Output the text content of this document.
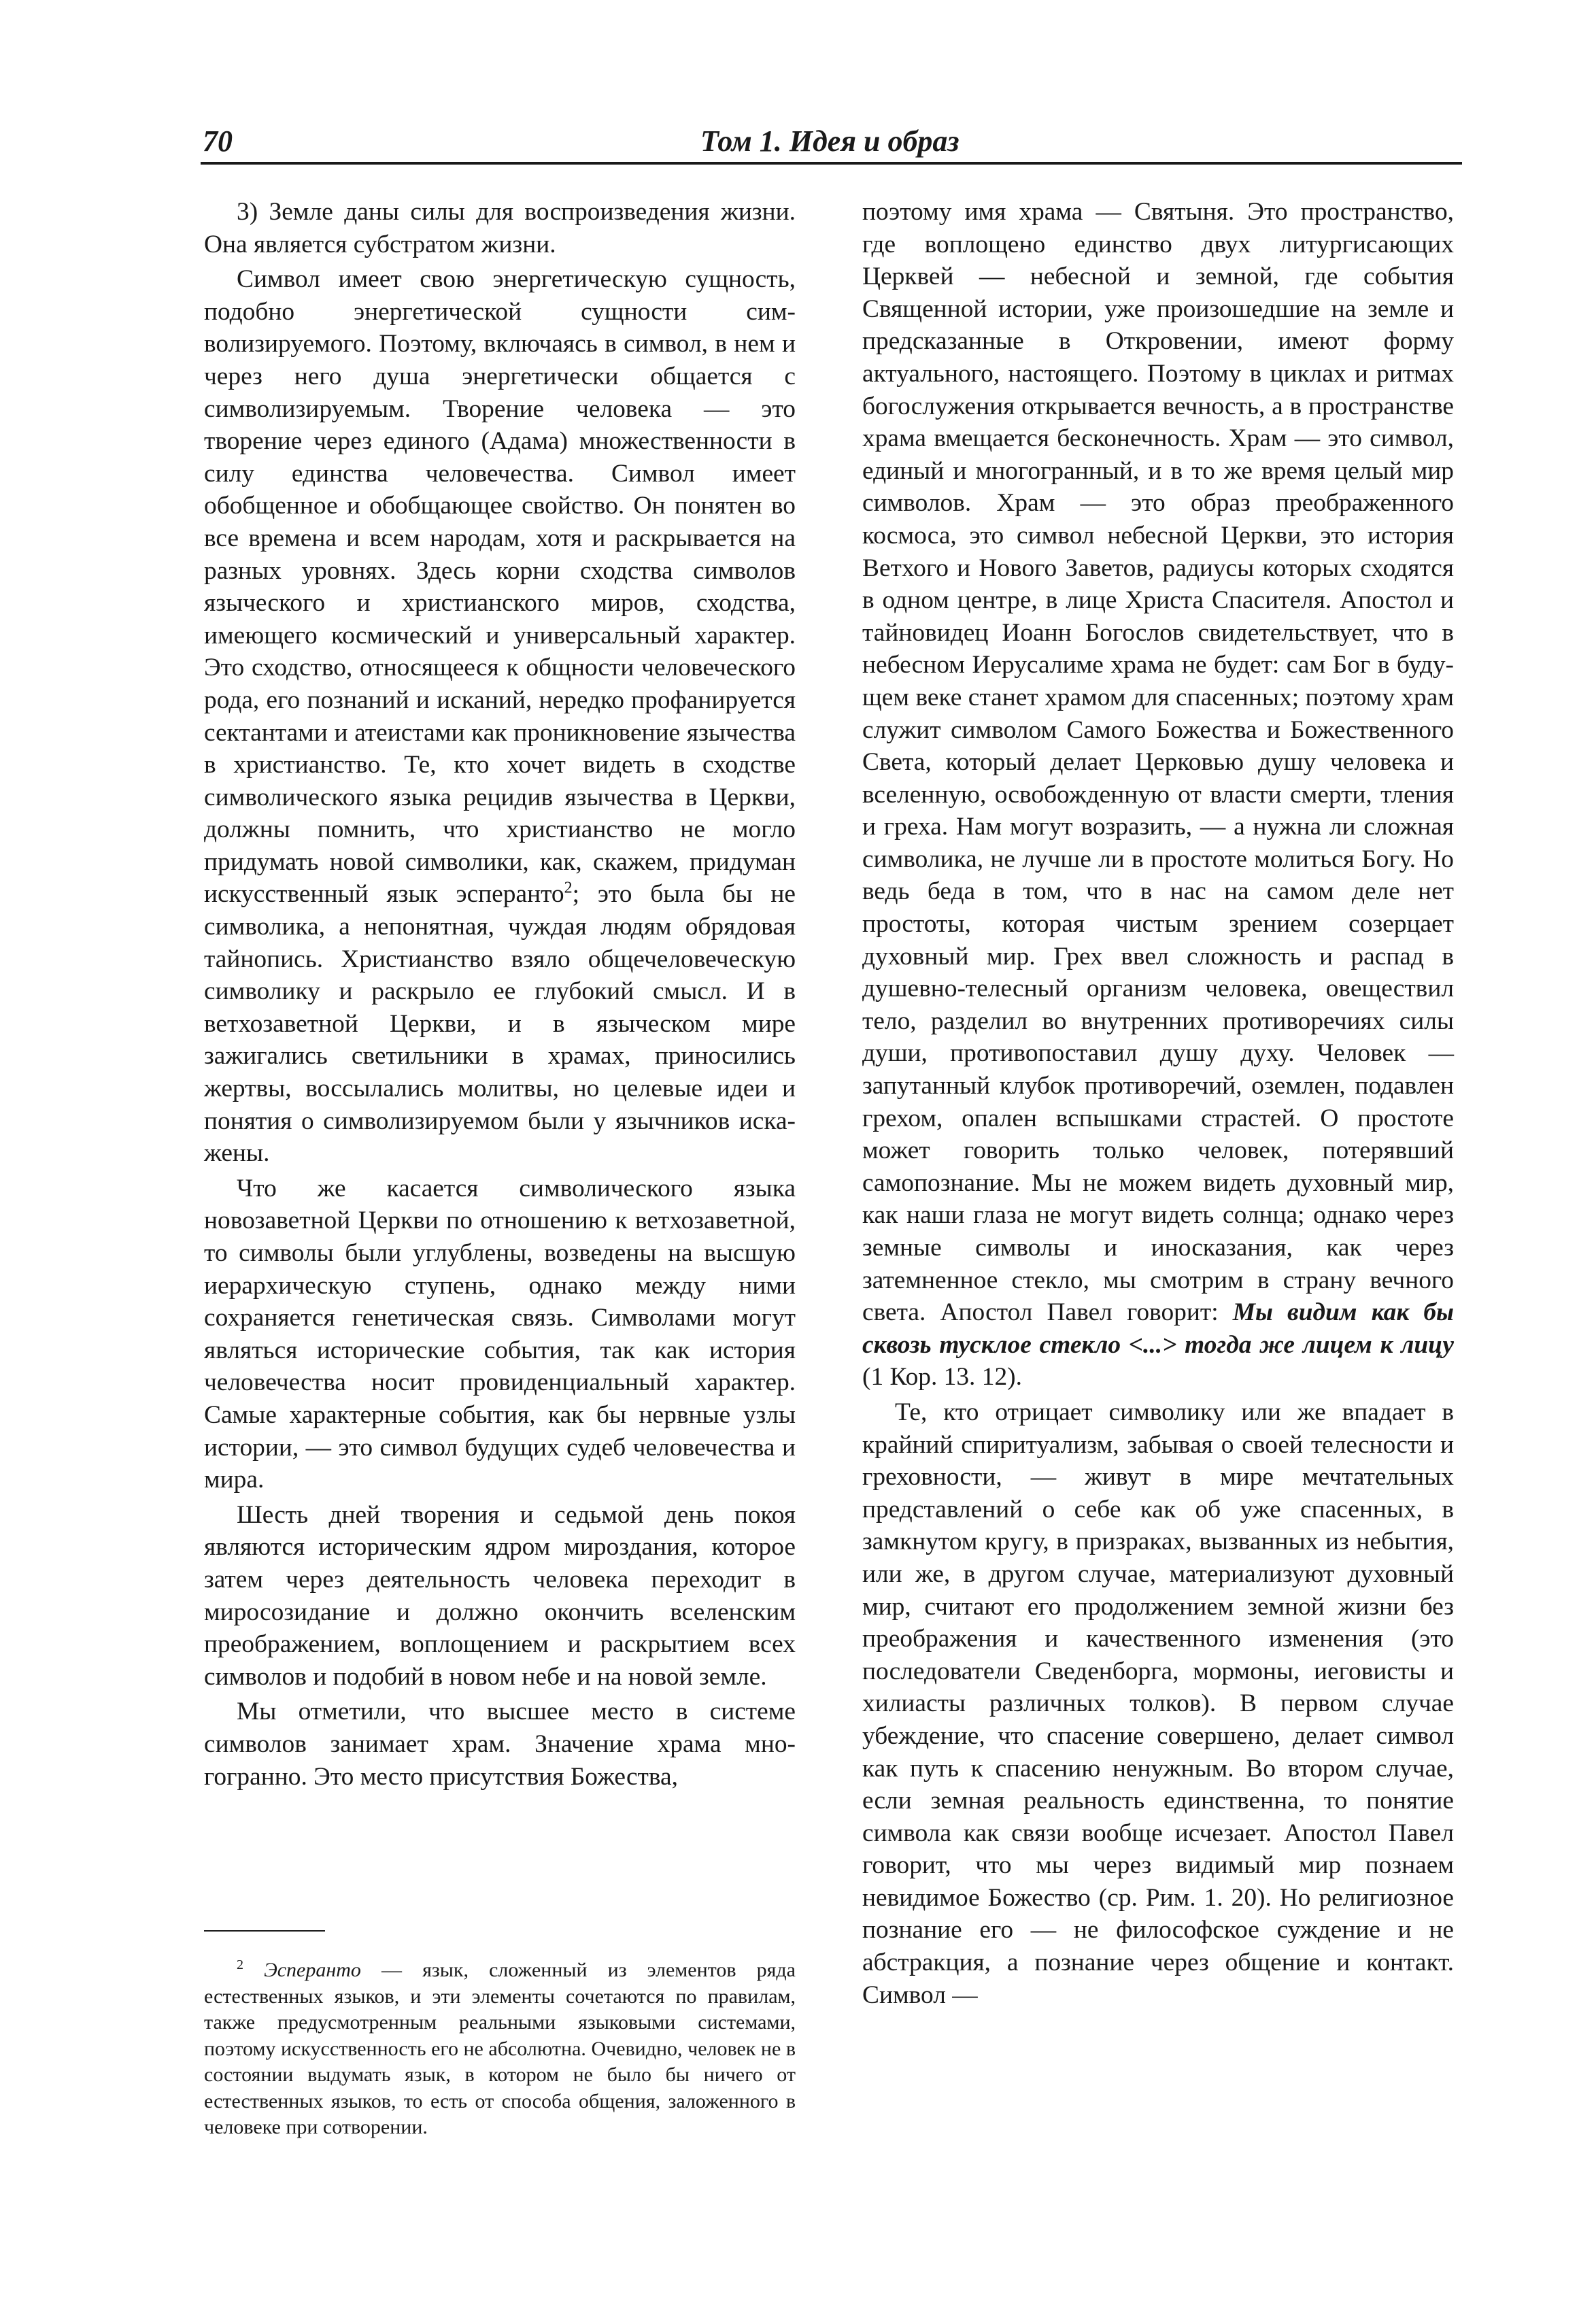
70	Том 1. Идея и образ

3) Земле даны силы для воспроизведения жизни. Она является субстратом жизни.

Символ имеет свою энергетическую сущность, подобно энергетической сущности символизируемого. Поэтому, включаясь в символ, в нем и через него душа энергетически общается с символизируемым. Творение человека — это творение через единого (Адама) множественности в силу единства человечества. Символ имеет обобщенное и обобщающее свойство. Он понятен во все времена и всем народам, хотя и раскрывается на разных уровнях. Здесь корни сходства символов языческого и христианского миров, сходства, имеющего космический и универсальный характер. Это сходство, относящееся к общности человеческого рода, его познаний и исканий, нередко профанируется сектантами и атеистами как проникновение язычества в христианство. Те, кто хочет видеть в сходстве символического языка рецидив язычества в Церкви, должны помнить, что христианство не могло придумать новой символики, как, скажем, придуман искусственный язык эсперанто$^2$; это была бы не символика, а непонятная, чуждая людям обрядовая тайнопись. Христианство взяло общечеловеческую символику и раскрыло ее глубокий смысл. И в ветхозаветной Церкви, и в языческом мире зажигались светильники в храмах, приносились жертвы, воссылались молитвы, но целевые идеи и понятия о символизируемом были у язычников искажены.

Что же касается символического языка новозаветной Церкви по отношению к ветхозаветной, то символы были углублены, возведены на высшую иерархическую ступень, однако между ними сохраняется генетическая связь. Символами могут являться исторические события, так как история человечества носит провиденциальный характер. Самые характерные события, как бы нервные узлы истории, — это символ будущих судеб человечества и мира.

Шесть дней творения и седьмой день покоя являются историческим ядром мироздания, которое затем через деятельность человека переходит в миросозидание и должно окончить вселенским преображением, воплощением и раскрытием всех символов и подобий в новом небе и на новой земле.

Мы отметили, что высшее место в системе символов занимает храм. Значение храма многогранно. Это место присутствия Божества,

$^2$ Эсперанто — язык, сложенный из элементов ряда естественных языков, и эти элементы сочетаются по правилам, также предусмотренным реальными языковыми системами, поэтому искусственность его не абсолютна. Очевидно, человек не в состоянии выдумать язык, в котором не было бы ничего от естественных языков, то есть от способа общения, заложенного в человеке при сотворении.

поэтому имя храма — Святыня. Это пространство, где воплощено единство двух литургисающих Церквей — небесной и земной, где события Священной истории, уже произошедшие на земле и предсказанные в Откровении, имеют форму актуального, настоящего. Поэтому в циклах и ритмах богослужения открывается вечность, а в пространстве храма вмещается бесконечность. Храм — это символ, единый и многогранный, и в то же время целый мир символов. Храм — это образ преображенного космоса, это символ небесной Церкви, это история Ветхого и Нового Заветов, радиусы которых сходятся в одном центре, в лице Христа Спасителя. Апостол и тайновидец Иоанн Богослов свидетельствует, что в небесном Иерусалиме храма не будет: сам Бог в будущем веке станет храмом для спасенных; поэтому храм служит символом Самого Божества и Божественного Света, который делает Церковью душу человека и вселенную, освобожденную от власти смерти, тления и греха. Нам могут возразить, — а нужна ли сложная символика, не лучше ли в простоте молиться Богу. Но ведь беда в том, что в нас на самом деле нет простоты, которая чистым зрением созерцает духовный мир. Грех ввел сложность и распад в душевно-телесный организм человека, овеществил тело, разделил во внутренних противоречиях силы души, противопоставил душу духу. Человек — запутанный клубок противоречий, оземлен, подавлен грехом, опален вспышками страстей. О простоте может говорить только человек, потерявший самопознание. Мы не можем видеть духовный мир, как наши глаза не могут видеть солнца; однако через земные символы и иносказания, как через затемненное стекло, мы смотрим в страну вечного света. Апостол Павел говорит: Мы видим как бы сквозь тусклое стекло <...> тогда же лицем к лицу (1 Кор. 13. 12).

Те, кто отрицает символику или же впадает в крайний спиритуализм, забывая о своей телесности и греховности, — живут в мире мечтательных представлений о себе как об уже спасенных, в замкнутом кругу, в призраках, вызванных из небытия, или же, в другом случае, материализуют духовный мир, считают его продолжением земной жизни без преображения и качественного изменения (это последователи Сведенборга, мормоны, иеговисты и хилиасты различных толков). В первом случае убеждение, что спасение совершено, делает символ как путь к спасению ненужным. Во втором случае, если земная реальность единственна, то понятие символа как связи вообще исчезает. Апостол Павел говорит, что мы через видимый мир познаем невидимое Божество (ср. Рим. 1. 20). Но религиозное познание его — не философское суждение и не абстракция, а познание через общение и контакт. Символ —
